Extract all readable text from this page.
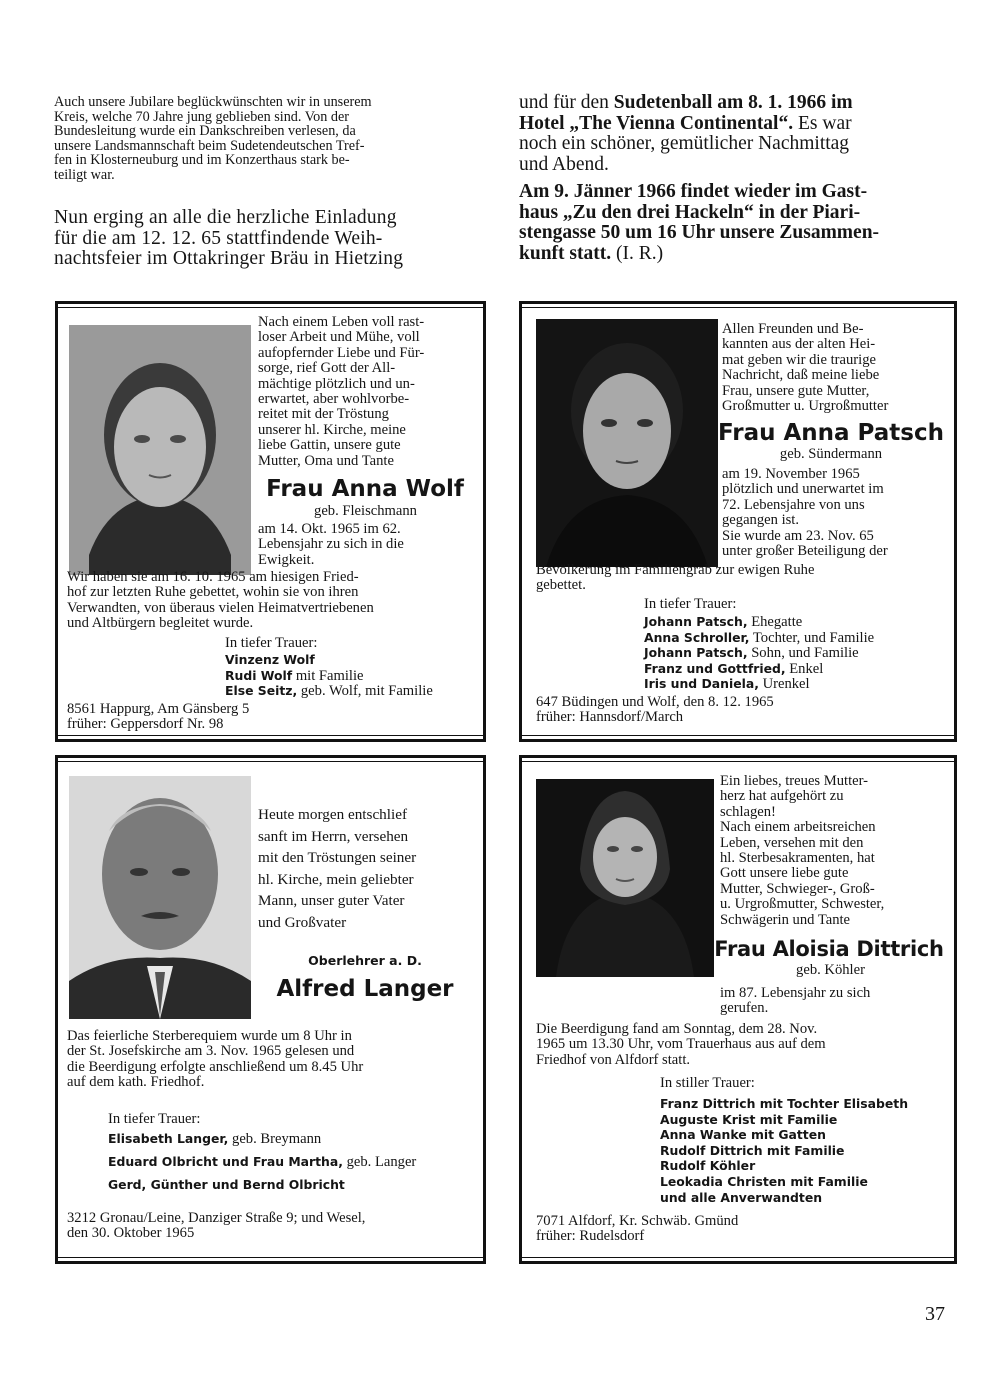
Auch unsere Jubilare beglückwünschten wir in unserem

Kreis, welche 70 Jahre jung geblieben sind. Von der

Bundesleitung wurde ein Dankschreiben verlesen, da

unsere Landsmannschaft beim Sudetendeutschen Tref-

fen in Klosterneuburg und im Konzerthaus stark be-

teiligt war.

Nun erging an alle die herzliche Einladung
für die am 12. 12. 65 stattfindende Weih-
nachtsfeier im Ottakringer Bräu in Hietzing
und für den Sudetenball am 8. 1. 1966 im
Hotel „The Vienna Continental“. Es war
noch ein schöner, gemütlicher Nachmittag
und Abend.
Am 9. Jänner 1966 findet wieder im Gast-
haus „Zu den drei Hackeln“ in der Piari-
stengasse 50 um 16 Uhr unsere Zusammen-
kunft statt. (I. R.)

Nach einem Leben voll rast-

loser Arbeit und Mühe, voll

aufopfernder Liebe und Für-

sorge, rief Gott der All-

mächtige plötzlich und un-

erwartet, aber wohlvorbe-

reitet mit der Tröstung

unserer hl. Kirche, meine

liebe Gattin, unsere gute

Mutter, Oma und Tante

Frau Anna Wolf
geb. Fleischmann

am 14. Okt. 1965 im 62.

Lebensjahr zu sich in die

Ewigkeit.

Wir haben sie am 16. 10. 1965 am hiesigen Fried-

hof zur letzten Ruhe gebettet, wohin sie von ihren

Verwandten, von überaus vielen Heimatvertriebenen

und Altbürgern begleitet wurde.

In tiefer Trauer:
Vinzenz Wolf
Rudi Wolf mit Familie
Else Seitz, geb. Wolf, mit Familie

8561 Happurg, Am Gänsberg 5

früher: Geppersdorf Nr. 98

Allen Freunden und Be-

kannten aus der alten Hei-

mat geben wir die traurige

Nachricht, daß meine liebe

Frau, unsere gute Mutter,

Großmutter u. Urgroßmutter

Frau Anna Patsch
geb. Sündermann

am 19. November 1965

plötzlich und unerwartet im

72. Lebensjahre von uns

gegangen ist.

Sie wurde am 23. Nov. 65

unter großer Beteiligung der

Bevölkerung im Familiengrab zur ewigen Ruhe

gebettet.

In tiefer Trauer:
Johann Patsch, Ehegatte
Anna Schroller, Tochter, und Familie
Johann Patsch, Sohn, und Familie
Franz und Gottfried, Enkel
Iris und Daniela, Urenkel

647 Büdingen und Wolf, den 8. 12. 1965

früher: Hannsdorf/March

Heute morgen entschlief

sanft im Herrn, versehen

mit den Tröstungen seiner

hl. Kirche, mein geliebter

Mann, unser guter Vater

und Großvater

Oberlehrer a. D.
Alfred Langer

Das feierliche Sterberequiem wurde um 8 Uhr in

der St. Josefskirche am 3. Nov. 1965 gelesen und

die Beerdigung erfolgte anschließend um 8.45 Uhr

auf dem kath. Friedhof.

In tiefer Trauer:
Elisabeth Langer, geb. Breymann
Eduard Olbricht und Frau Martha, geb. Langer
Gerd, Günther und Bernd Olbricht

3212 Gronau/Leine, Danziger Straße 9; und Wesel,

den 30. Oktober 1965

Ein liebes, treues Mutter-

herz hat aufgehört zu

schlagen!

Nach einem arbeitsreichen

Leben, versehen mit den

hl. Sterbesakramenten, hat

Gott unsere liebe gute

Mutter, Schwieger-, Groß-

u. Urgroßmutter, Schwester,

Schwägerin und Tante

Frau Aloisia Dittrich
geb. Köhler

im 87. Lebensjahr zu sich

gerufen.

Die Beerdigung fand am Sonntag, dem 28. Nov.

1965 um 13.30 Uhr, vom Trauerhaus aus auf dem

Friedhof von Alfdorf statt.

In stiller Trauer:
Franz Dittrich mit Tochter Elisabeth
Auguste Krist mit Familie
Anna Wanke mit Gatten
Rudolf Dittrich mit Familie
Rudolf Köhler
Leokadia Christen mit Familie
und alle Anverwandten

7071 Alfdorf, Kr. Schwäb. Gmünd

früher: Rudelsdorf

37
